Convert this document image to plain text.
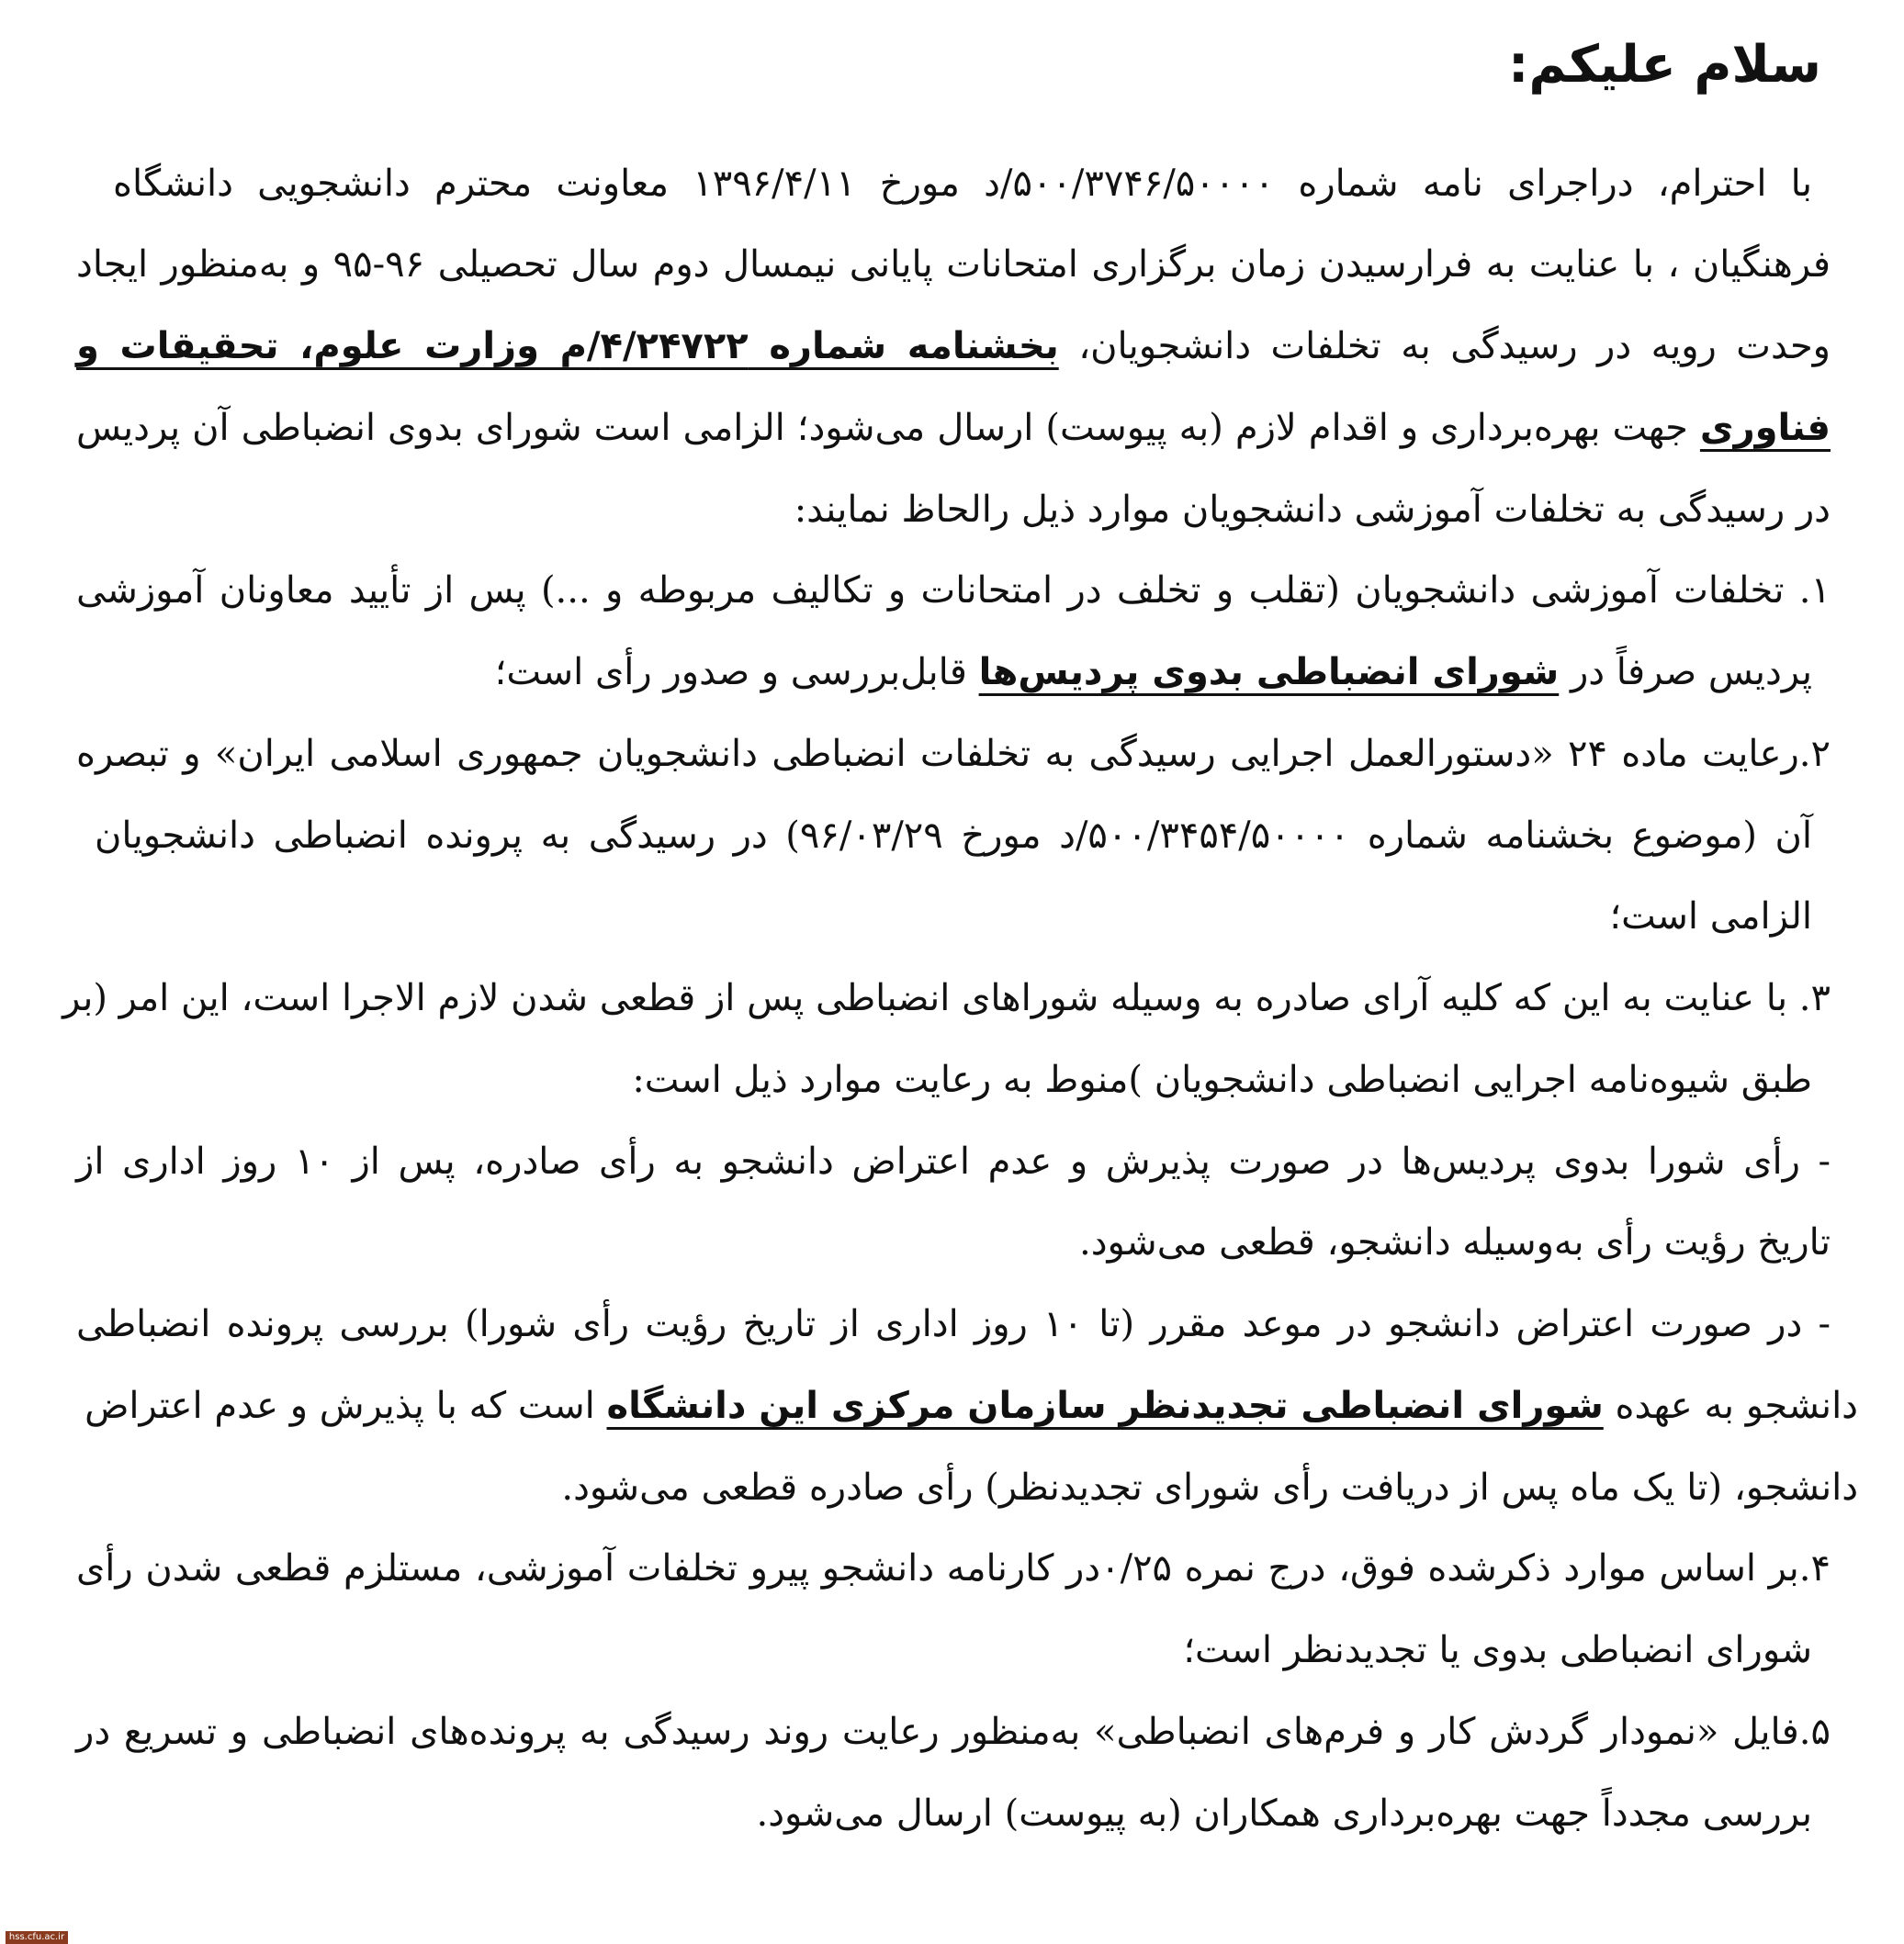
سلام علیکم:
با احترام، دراجرای نامه شماره ۵۰۰/۳۷۴۶/۵۰۰۰۰/د مورخ ۱۳۹۶/۴/۱۱ معاونت محترم دانشجویی دانشگاه
فرهنگیان ، با عنایت به فرارسیدن زمان برگزاری امتحانات پایانی نیمسال دوم سال تحصیلی ۹۶-۹۵ و به‌منظور ایجاد
وحدت رویه در رسیدگی به تخلفات دانشجویان، بخشنامه شماره ۴/۲۴۷۲۲/م وزارت علوم، تحقیقات و
فناوری جهت بهره‌برداری و اقدام لازم (به پیوست) ارسال می‌شود؛ الزامی است شورای بدوی انضباطی آن پردیس
در رسیدگی به تخلفات آموزشی دانشجویان موارد ذیل رالحاظ نمایند:
۱. تخلفات آموزشی دانشجویان (تقلب و تخلف در امتحانات و تکالیف مربوطه و ...) پس از تأیید معاونان آموزشی
پردیس صرفاً در شورای انضباطی بدوی پردیس‌ها قابل‌بررسی و صدور رأی است؛
۲.رعایت ماده ۲۴ «دستورالعمل اجرایی رسیدگی به تخلفات انضباطی دانشجویان جمهوری اسلامی ایران» و تبصره
آن (موضوع بخشنامه شماره ۵۰۰/۳۴۵۴/۵۰۰۰۰/د مورخ ۹۶/۰۳/۲۹) در رسیدگی به پرونده انضباطی دانشجویان
الزامی است؛
۳. با عنایت به این که کلیه آرای صادره به وسیله شوراهای انضباطی پس از قطعی شدن لازم الاجرا است، این امر (بر
طبق شیوه‌نامه اجرایی انضباطی دانشجویان )منوط به رعایت موارد ذیل است:
- رأی شورا بدوی پردیس‌ها در صورت پذیرش و عدم اعتراض دانشجو به رأی صادره، پس از ۱۰ روز اداری از
تاریخ رؤیت رأی به‌وسیله دانشجو، قطعی می‌شود.
- در صورت اعتراض دانشجو در موعد مقرر (تا ۱۰ روز اداری از تاریخ رؤیت رأی شورا) بررسی پرونده انضباطی
دانشجو به عهده شورای انضباطی تجدیدنظر سازمان مرکزی این دانشگاه است که با پذیرش و عدم اعتراض
دانشجو، (تا یک ماه پس از دریافت رأی شورای تجدیدنظر) رأی صادره قطعی می‌شود.
۴.بر اساس موارد ذکرشده فوق، درج نمره ۰/۲۵در کارنامه دانشجو پیرو تخلفات آموزشی، مستلزم قطعی شدن رأی
شورای انضباطی بدوی یا تجدیدنظر است؛
۵.فایل «نمودار گردش کار و فرم‌های انضباطی» به‌منظور رعایت روند رسیدگی به پرونده‌های انضباطی و تسریع در
بررسی مجدداً جهت بهره‌برداری همکاران (به پیوست) ارسال می‌شود.
hss.cfu.ac.ir
